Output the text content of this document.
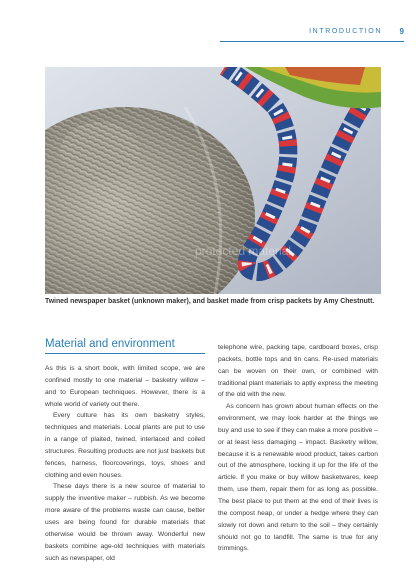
INTRODUCTION 9
protected material
Twined newspaper basket (unknown maker), and basket made from crisp packets by Amy Chestnutt.
Material and environment

As this is a short book, with limited scope, we are confined mostly to one material – basketry willow – and to European techniques. However, there is a whole world of variety out there.

Every culture has its own basketry styles, techniques and materials. Local plants are put to use in a range of plaited, twined, interlaced and coiled structures. Resulting products are not just baskets but fences, harness, floorcoverings, toys, shoes and clothing and even houses.

These days there is a new source of material to supply the inventive maker – rubbish. As we become more aware of the problems waste can cause, better uses are being found for durable materials that otherwise would be thrown away. Wonderful new baskets combine age-old techniques with materials such as newspaper, old

telephone wire, packing tape, cardboard boxes, crisp packets, bottle tops and tin cans. Re-used materials can be woven on their own, or combined with traditional plant materials to aptly express the meeting of the old with the new.

As concern has grown about human effects on the environment, we may look harder at the things we buy and use to see if they can make a more positive – or at least less damaging – impact. Basketry willow, because it is a renewable wood product, takes carbon out of the atmosphere, locking it up for the life of the article. If you make or buy willow basketwares, keep them, use them, repair them for as long as possible. The best place to put them at the end of their lives is the compost heap, or under a hedge where they can slowly rot down and return to the soil – they certainly should not go to landfill. The same is true for any trimmings.
